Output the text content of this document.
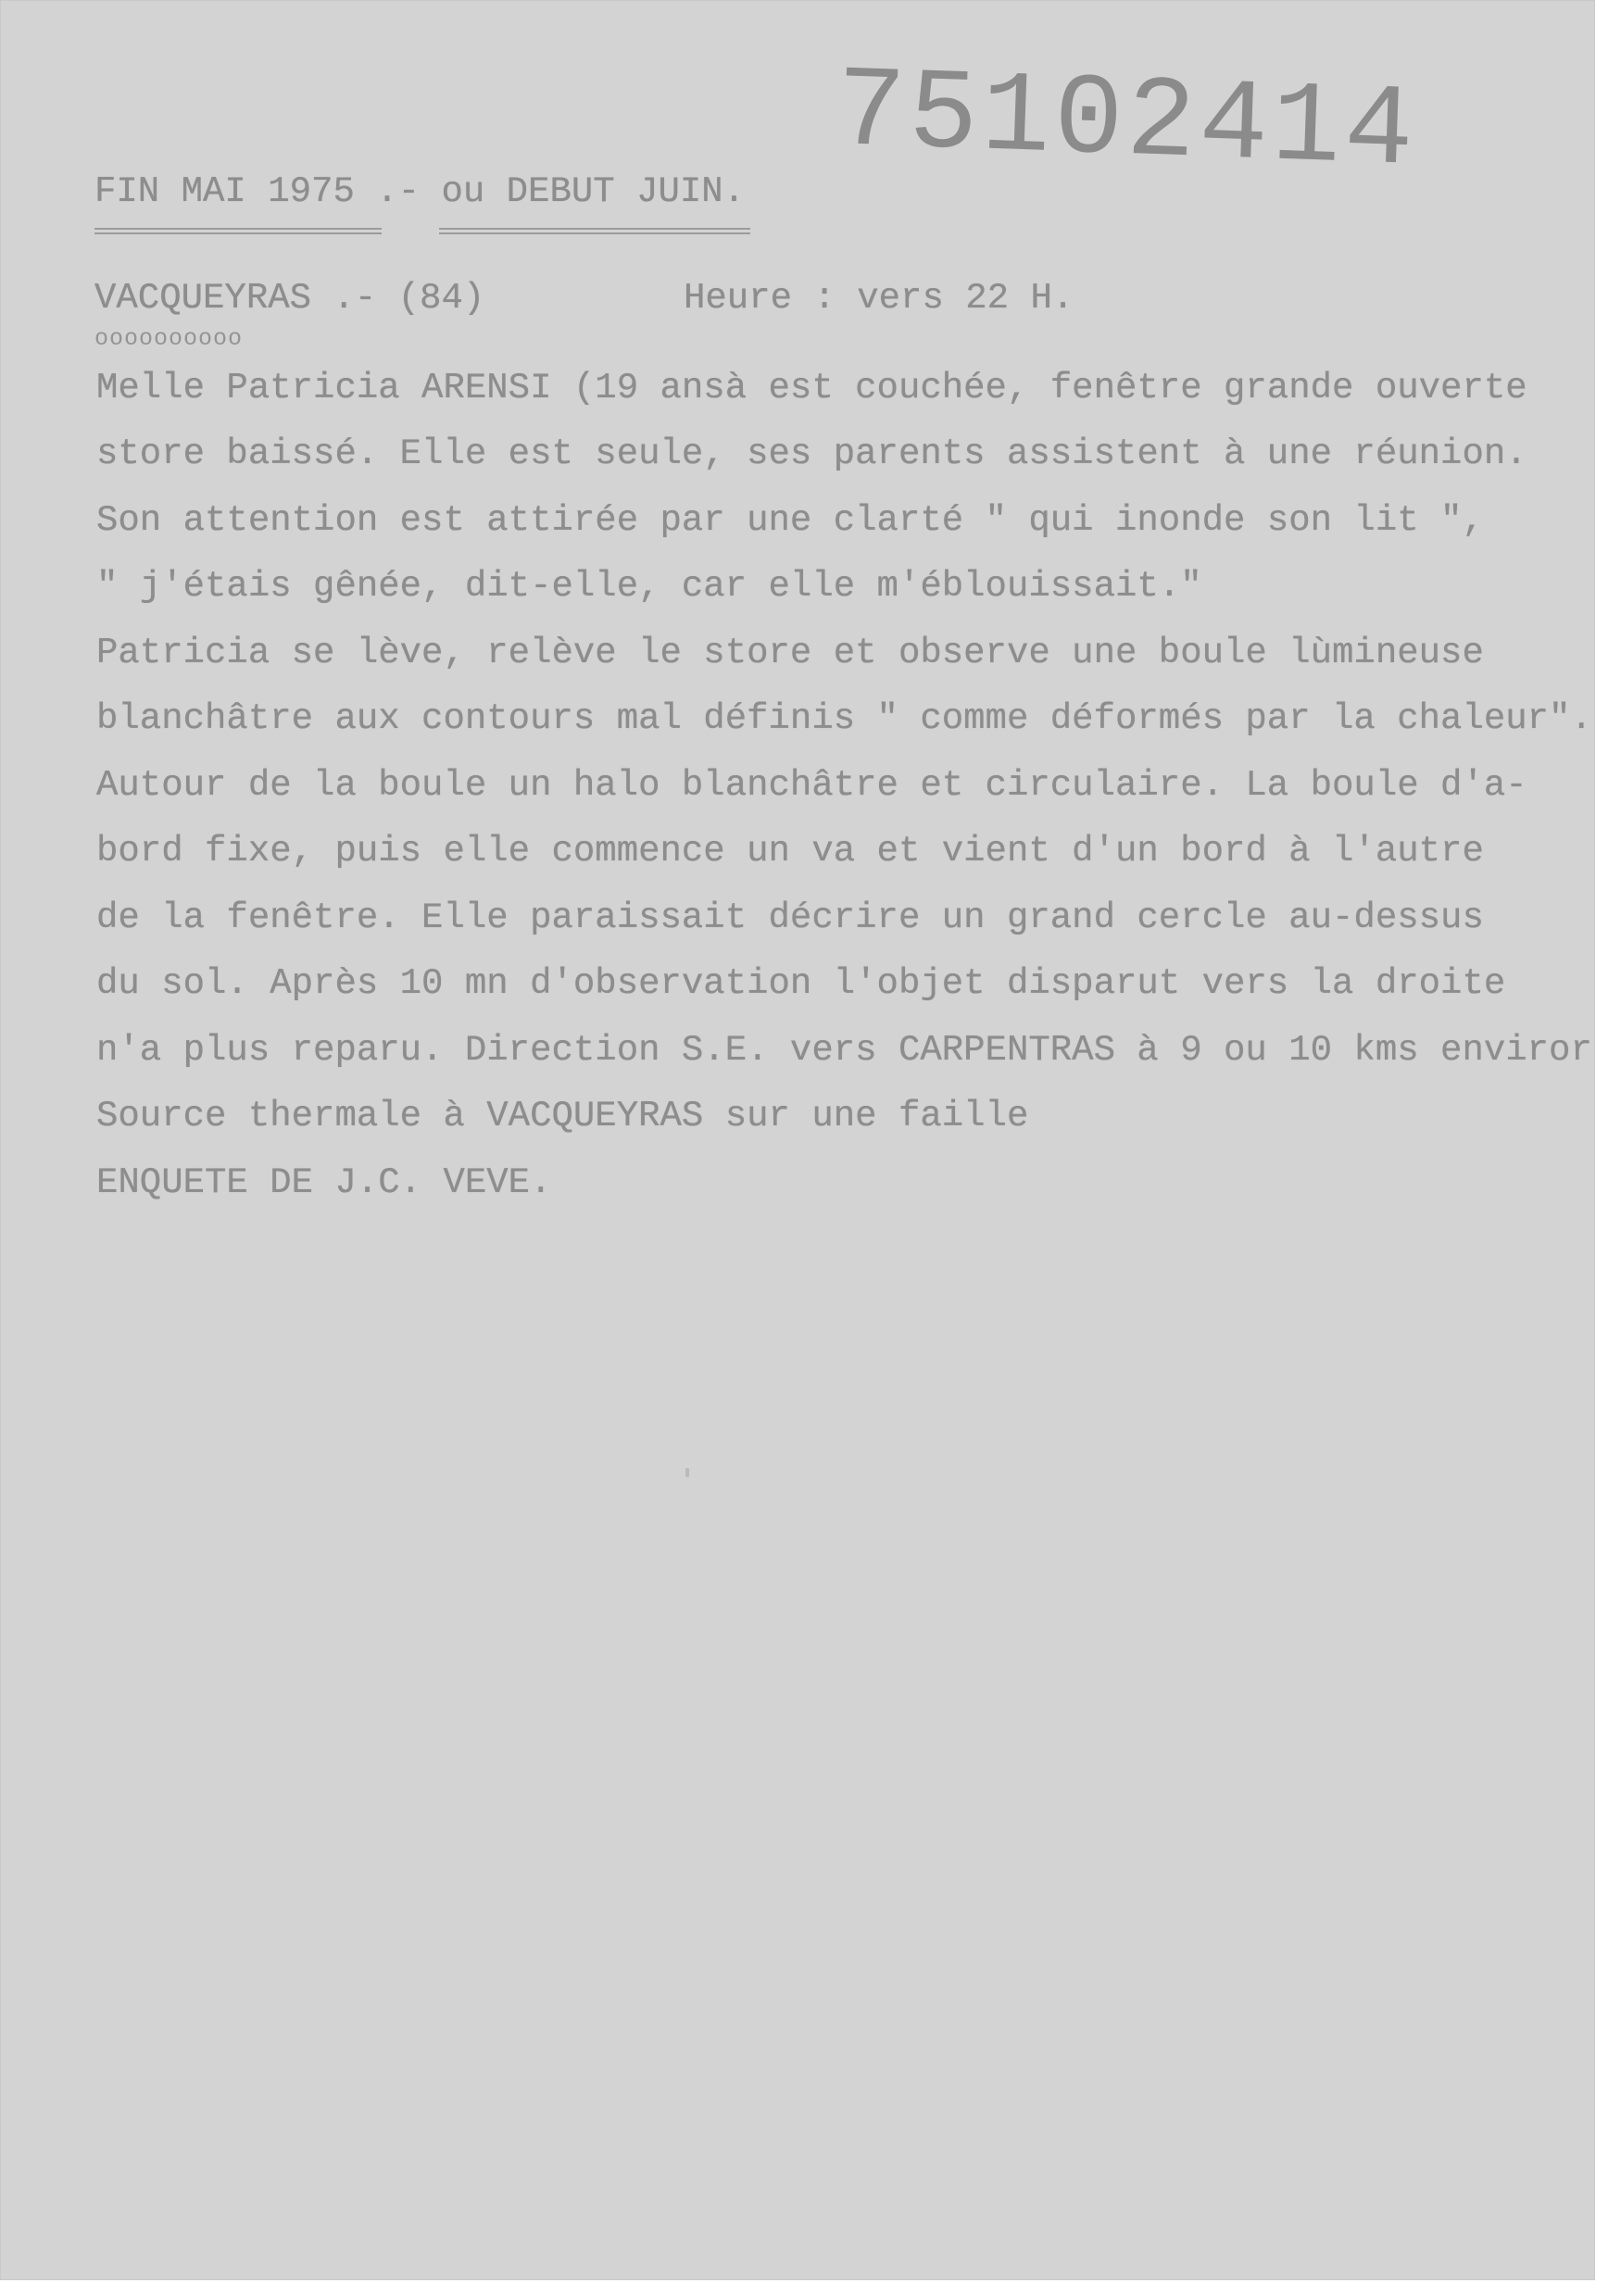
75102414
FIN MAI 1975 .- ou DEBUT JUIN.
VACQUEYRAS .- (84)	Heure : vers 22 H.
oooooooooo
Melle Patricia ARENSI (19 ansà est couchée, fenêtre grande ouverte
store baissé. Elle est seule, ses parents assistent à une réunion.
Son attention est attirée par une clarté " qui inonde son lit ",
" j'étais gênée, dit-elle, car elle m'éblouissait."
Patricia se lève, relève le store et observe une boule lùmineuse
blanchâtre aux contours mal définis " comme déformés par la chaleur".
Autour de la boule un halo blanchâtre et circulaire. La boule d'a-
bord fixe, puis elle commence un va et vient d'un bord à l'autre
de la fenêtre. Elle paraissait décrire un grand cercle au-dessus
du sol. Après 10 mn d'observation l'objet disparut vers la droite
n'a plus reparu. Direction S.E. vers CARPENTRAS à 9 ou 10 kms enviror
Source thermale à VACQUEYRAS sur une faille
ENQUETE DE J.C. VEVE.
